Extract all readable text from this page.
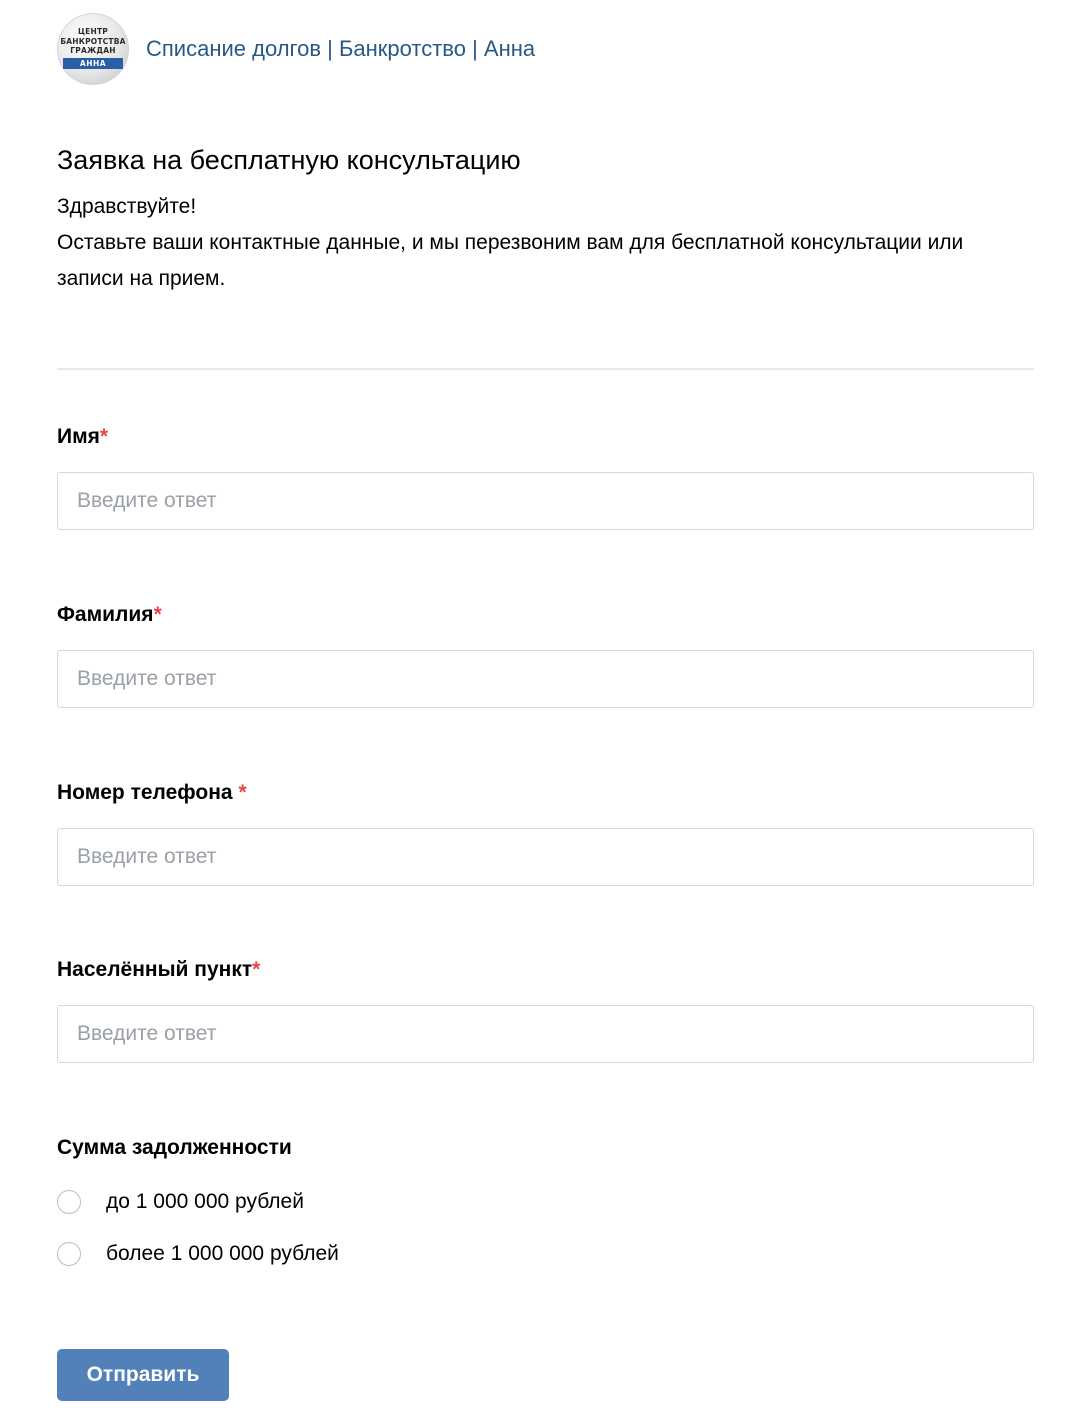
ЦЕНТР
БАНКРОТСТВА
ГРАЖДАН
АННА
Списание долгов | Банкротство | Анна
Заявка на бесплатную консультацию

Здравствуйте!

Оставьте ваши контактные данные, и мы перезвоним вам для бесплатной консультации или записи на прием.

Имя*
Введите ответ
Фамилия*
Введите ответ
Номер телефона *
Введите ответ
Населённый пункт*
Введите ответ
Сумма задолженности
до 1 000 000 рублей
более 1 000 000 рублей
Отправить
